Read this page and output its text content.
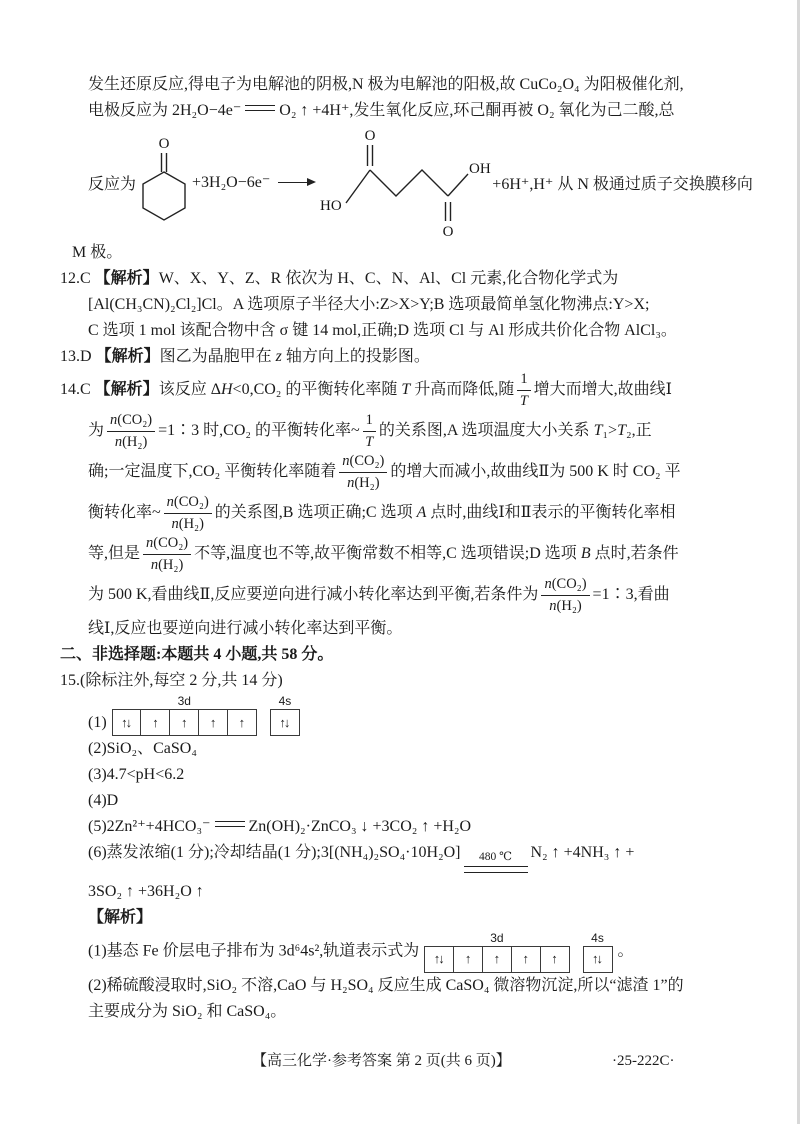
发生还原反应,得电子为电解池的阴极,N 极为电解池的阳极,故 CuCo₂O₄ 为阳极催化剂,
电极反应为 2H₂O−4e⁻ O₂ ↑ +4H⁺,发生氧化反应,环己酮再被 O₂ 氧化为己二酸,总
反应为
O
+3H₂O−6e⁻
O
HO
O
OH
+6H⁺,H⁺ 从 N 极通过质子交换膜移向
M 极。
12.C 【解析】W、X、Y、Z、R 依次为 H、C、N、Al、Cl 元素,化合物化学式为
[Al(CH₃CN)₂Cl₂]Cl。A 选项原子半径大小:Z>X>Y;B 选项最简单氢化物沸点:Y>X;
C 选项 1 mol 该配合物中含 σ 键 14 mol,正确;D 选项 Cl 与 Al 形成共价化合物 AlCl₃。
13.D 【解析】图乙为晶胞甲在 z 轴方向上的投影图。
14.C 【解析】该反应 ΔH<0,CO₂ 的平衡转化率随 T 升高而降低,随 $\frac{1}{T}$ 增大而增大,故曲线Ⅰ
为 $\frac{\text{n(CO₂)}}{\text{n(H₂)}}$ =1∶3 时,CO₂ 的平衡转化率~ $\frac{1}{T}$ 的关系图,A 选项温度大小关系 T₁>T₂,正
确;一定温度下,CO₂ 平衡转化率随着 $\frac{\text{n(CO₂)}}{\text{n(H₂)}}$ 的增大而减小,故曲线Ⅱ为 500 K 时 CO₂ 平
衡转化率~ $\frac{\text{n(CO₂)}}{\text{n(H₂)}}$ 的关系图,B 选项正确;C 选项 A 点时,曲线Ⅰ和Ⅱ表示的平衡转化率相
等,但是 $\frac{\text{n(CO₂)}}{\text{n(H₂)}}$ 不等,温度也不等,故平衡常数不相等,C 选项错误;D 选项 B 点时,若条件
为 500 K,看曲线Ⅱ,反应要逆向进行减小转化率达到平衡,若条件为 $\frac{\text{n(CO₂)}}{\text{n(H₂)}}$ =1∶3,看曲
线Ⅰ,反应也要逆向进行减小转化率达到平衡。
二、非选择题:本题共 4 小题,共 58 分。
15.(除标注外,每空 2 分,共 14 分)
(1)
3d
↑↓	↑	↑	↑	↑
4s
↑↓
(2)SiO₂、CaSO₄
(3)4.7<pH<6.2
(4)D
(5)2Zn²⁺+4HCO₃⁻ Zn(OH)₂·ZnCO₃ ↓ +3CO₂ ↑ +H₂O
(6)蒸发浓缩(1 分);冷却结晶(1 分);3[(NH₄)₂SO₄·10H₂O] 480 ℃ N₂ ↑ +4NH₃ ↑ +
3SO₂ ↑ +36H₂O ↑
【解析】
(1)基态 Fe 价层电子排布为 3d⁶4s²,轨道表示式为
3d
↑↓	↑	↑	↑	↑
4s
↑↓	。
(2)稀硫酸浸取时,SiO₂ 不溶,CaO 与 H₂SO₄ 反应生成 CaSO₄ 微溶物沉淀,所以“滤渣 1”的
主要成分为 SiO₂ 和 CaSO₄。
【高三化学·参考答案 第 2 页(共 6 页)】	·25-222C·
